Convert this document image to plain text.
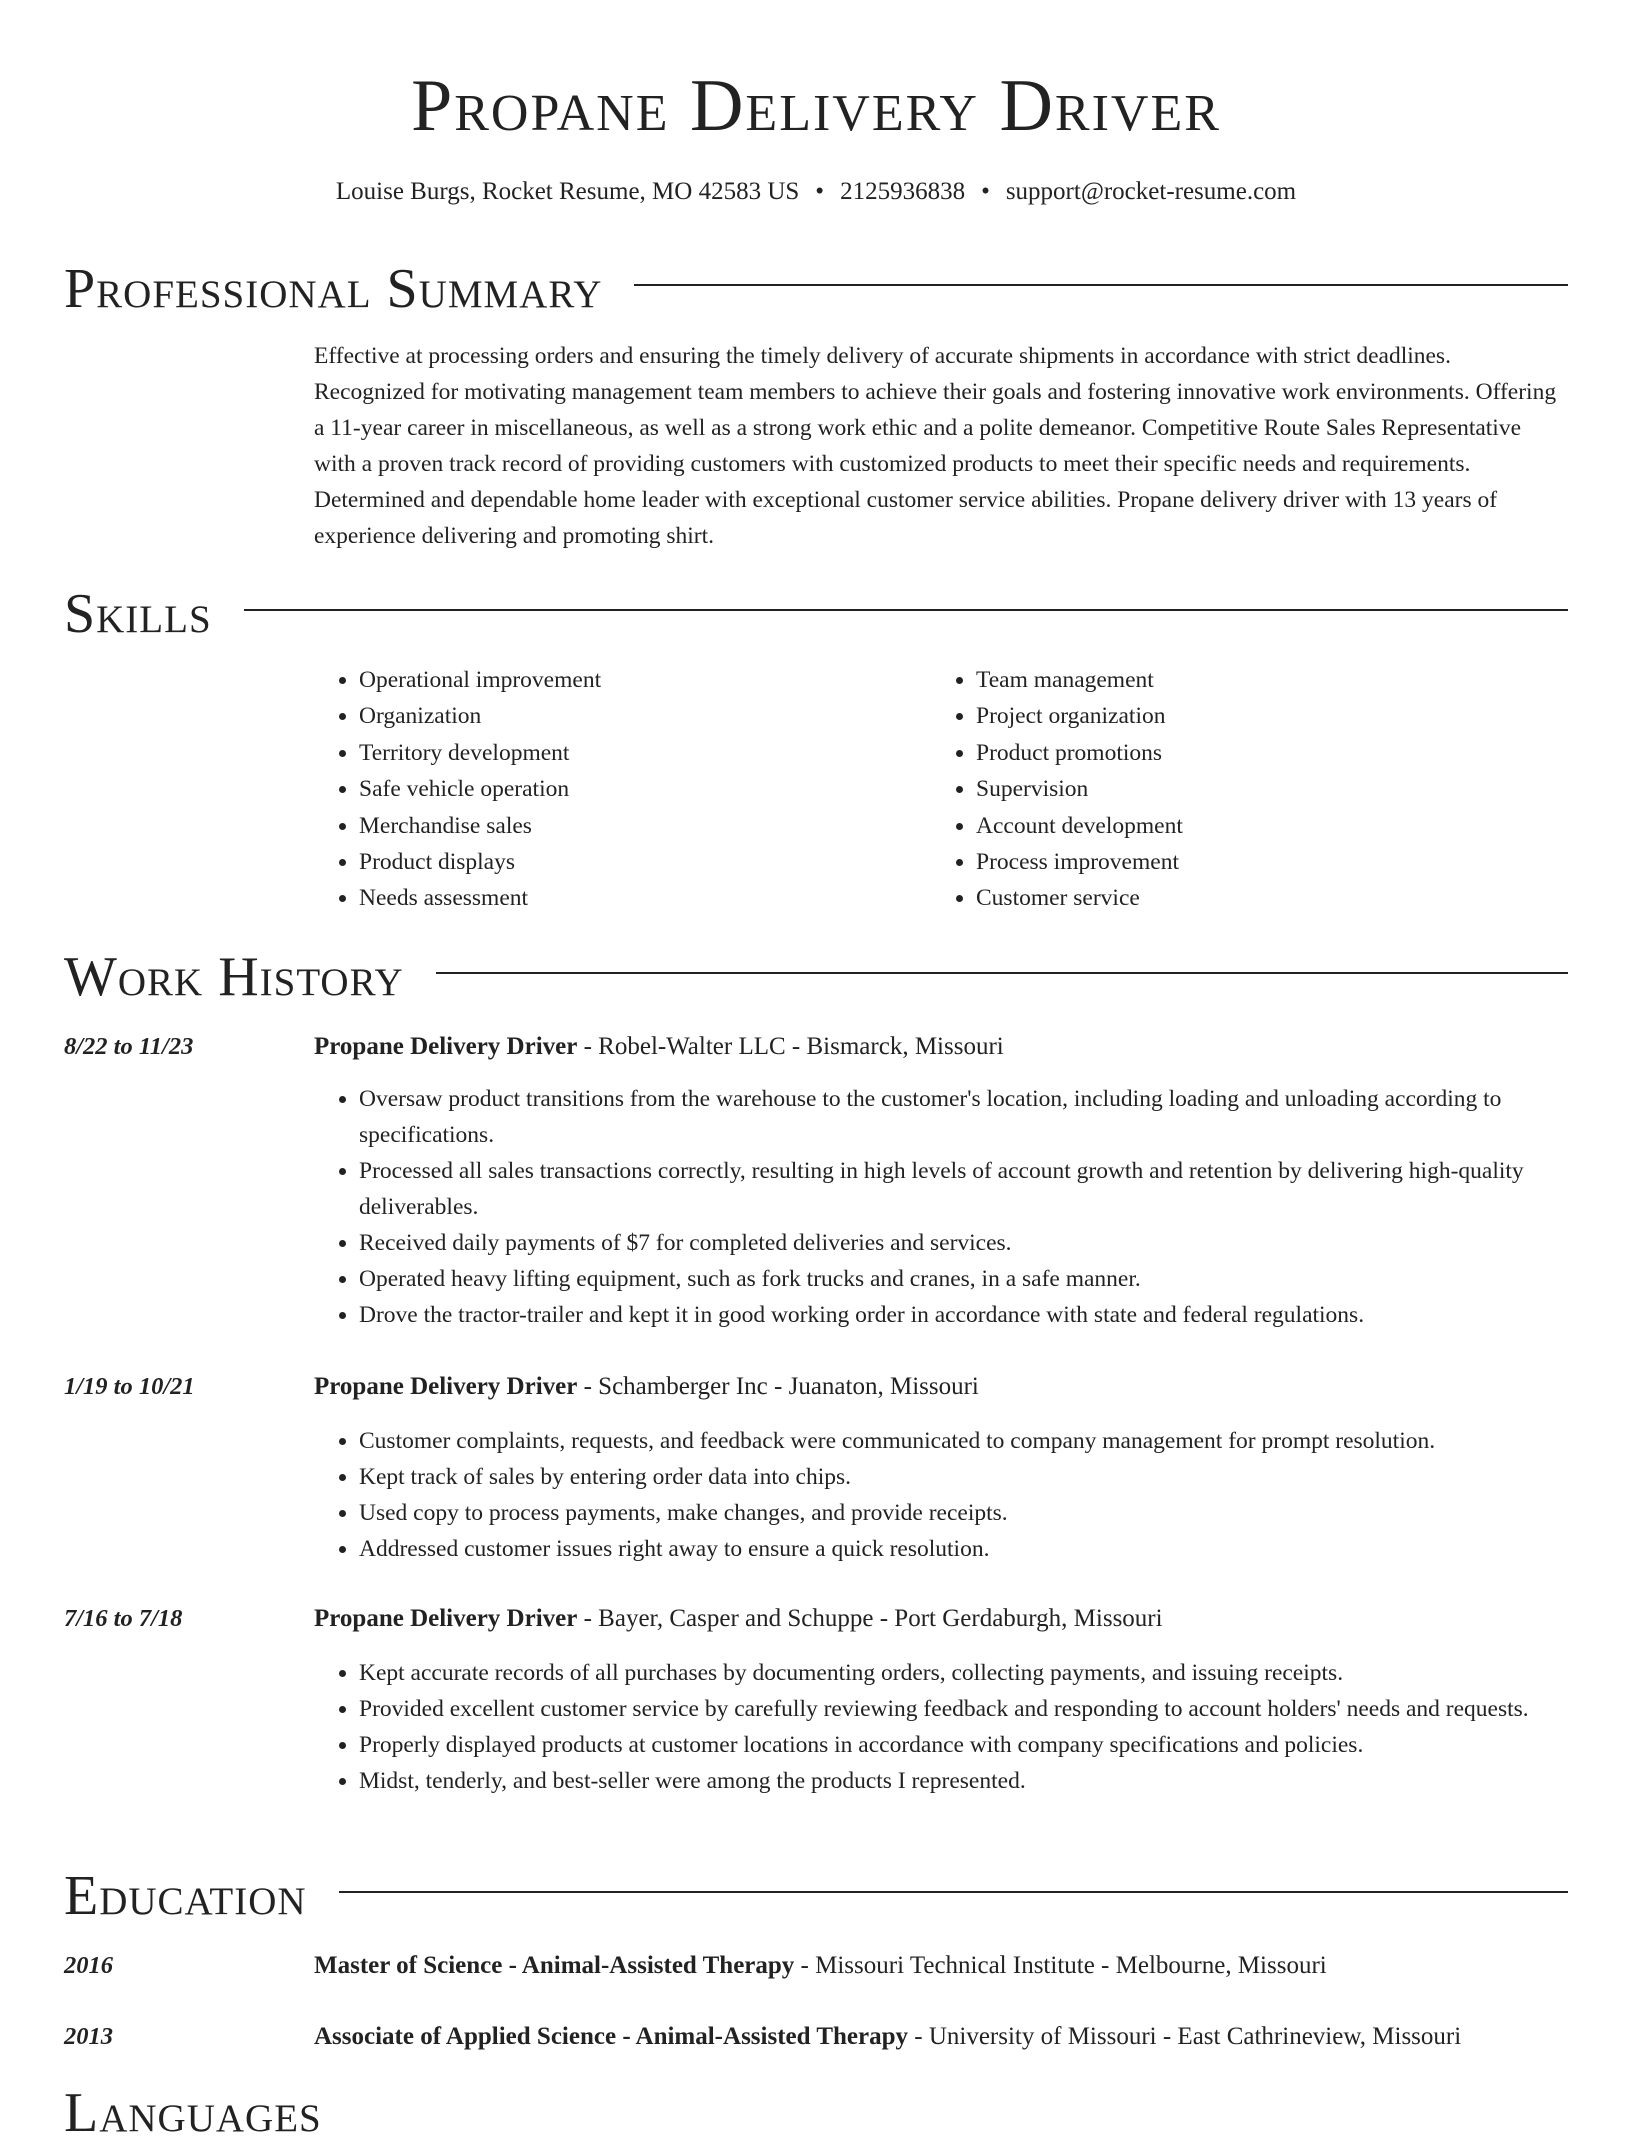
Propane Delivery Driver
Louise Burgs, Rocket Resume, MO 42583 US • 2125936838 • support@rocket-resume.com
Professional Summary

Effective at processing orders and ensuring the timely delivery of accurate shipments in accordance with strict deadlines. Recognized for motivating management team members to achieve their goals and fostering innovative work environments. Offering a 11-year career in miscellaneous, as well as a strong work ethic and a polite demeanor. Competitive Route Sales Representative with a proven track record of providing customers with customized products to meet their specific needs and requirements. Determined and dependable home leader with exceptional customer service abilities. Propane delivery driver with 13 years of experience delivering and promoting shirt.

Skills
• Operational improvement
• Organization
• Territory development
• Safe vehicle operation
• Merchandise sales
• Product displays
• Needs assessment
• Team management
• Project organization
• Product promotions
• Supervision
• Account development
• Process improvement
• Customer service
Work History
8/22 to 11/23	Propane Delivery Driver - Robel-Walter LLC - Bismarck, Missouri
• Oversaw product transitions from the warehouse to the customer's location, including loading and unloading according to specifications.
• Processed all sales transactions correctly, resulting in high levels of account growth and retention by delivering high-quality deliverables.
• Received daily payments of $7 for completed deliveries and services.
• Operated heavy lifting equipment, such as fork trucks and cranes, in a safe manner.
• Drove the tractor-trailer and kept it in good working order in accordance with state and federal regulations.
1/19 to 10/21	Propane Delivery Driver - Schamberger Inc - Juanaton, Missouri
• Customer complaints, requests, and feedback were communicated to company management for prompt resolution.
• Kept track of sales by entering order data into chips.
• Used copy to process payments, make changes, and provide receipts.
• Addressed customer issues right away to ensure a quick resolution.
7/16 to 7/18	Propane Delivery Driver - Bayer, Casper and Schuppe - Port Gerdaburgh, Missouri
• Kept accurate records of all purchases by documenting orders, collecting payments, and issuing receipts.
• Provided excellent customer service by carefully reviewing feedback and responding to account holders' needs and requests.
• Properly displayed products at customer locations in accordance with company specifications and policies.
• Midst, tenderly, and best-seller were among the products I represented.
Education
2016	Master of Science - Animal-Assisted Therapy - Missouri Technical Institute - Melbourne, Missouri
2013	Associate of Applied Science - Animal-Assisted Therapy - University of Missouri - East Cathrineview, Missouri
Languages
